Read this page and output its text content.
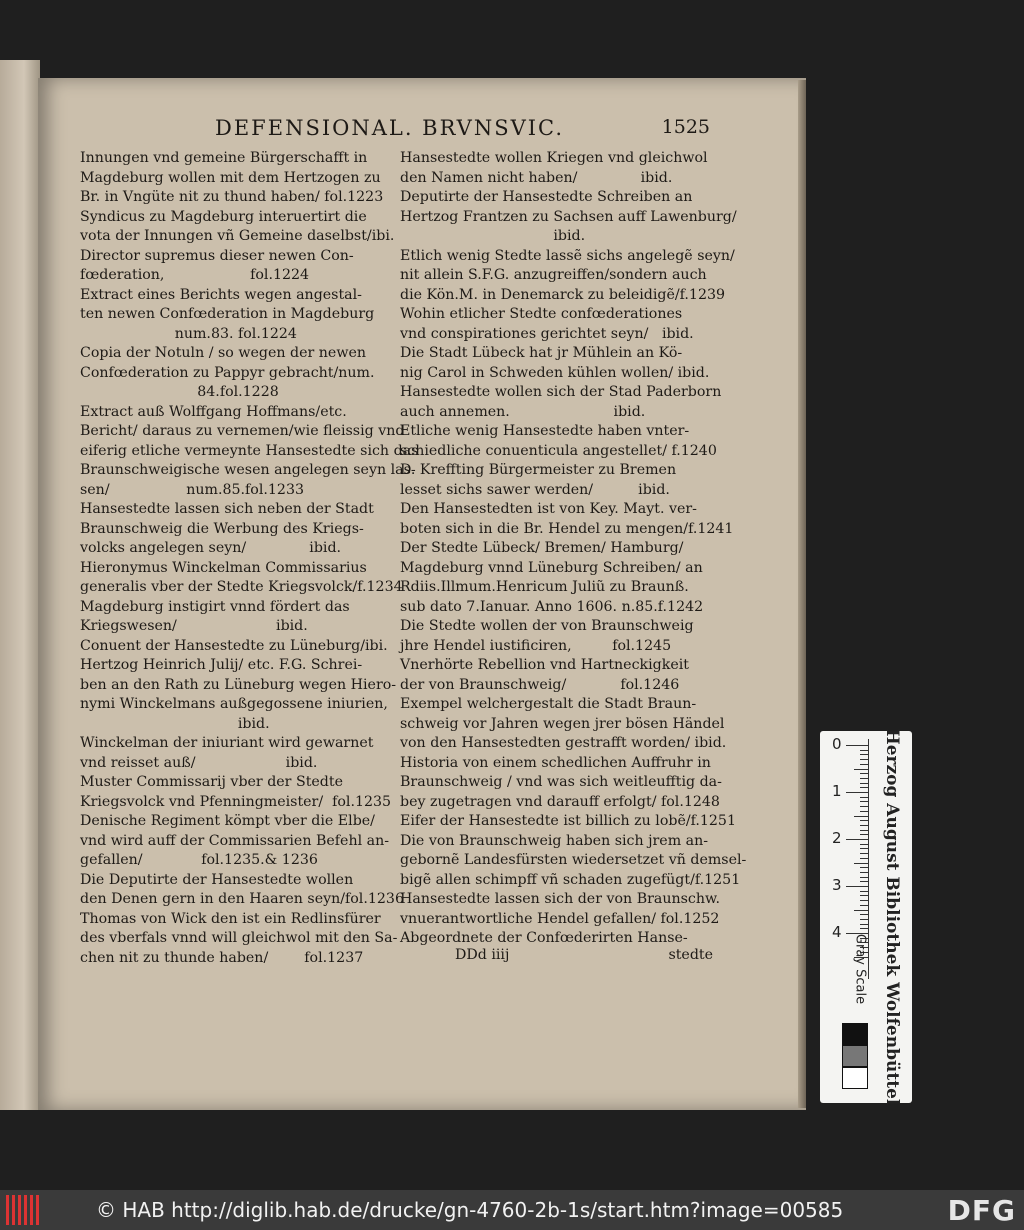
DEFENSIONAL. BRVNSVIC.	1525
Innungen vnd gemeine Bürgerschafft in
Magdeburg wollen mit dem Hertzogen zu
Br. in Vngüte nit zu thund haben/ fol.1223
Syndicus zu Magdeburg interuertirt die
vota der Innungen vñ Gemeine daselbst/ibi.
Director supremus dieser newen Con-
fœderation,                   fol.1224
Extract eines Berichts wegen angestal-
ten newen Confœderation in Magdeburg
num.83. fol.1224
Copia der Notuln / so wegen der newen
Confœderation zu Pappyr gebracht/num.
84.fol.1228
Extract auß Wolffgang Hoffmans/etc.
Bericht/ daraus zu vernemen/wie fleissig vnd
eiferig etliche vermeynte Hansestedte sich das
Braunschweigische wesen angelegen seyn las-
sen/                 num.85.fol.1233
Hansestedte lassen sich neben der Stadt
Braunschweig die Werbung des Kriegs-
volcks angelegen seyn/              ibid.
Hieronymus Winckelman Commissarius
generalis vber der Stedte Kriegsvolck/f.1234
Magdeburg instigirt vnnd fördert das
Kriegswesen/                      ibid.
Conuent der Hansestedte zu Lüneburg/ibi.
Hertzog Heinrich Julij/ etc. F.G. Schrei-
ben an den Rath zu Lüneburg wegen Hiero-
nymi Winckelmans außgegossene iniurien,
ibid.
Winckelman der iniuriant wird gewarnet
vnd reisset auß/                    ibid.
Muster Commissarij vber der Stedte
Kriegsvolck vnd Pfenningmeister/  fol.1235
Denische Regiment kömpt vber die Elbe/
vnd wird auff der Commissarien Befehl an-
gefallen/             fol.1235.& 1236
Die Deputirte der Hansestedte wollen
den Denen gern in den Haaren seyn/fol.1236
Thomas von Wick den ist ein Redlinsfürer
des vberfals vnnd will gleichwol mit den Sa-
chen nit zu thunde haben/        fol.1237
Hansestedte wollen Kriegen vnd gleichwol
den Namen nicht haben/              ibid.
Deputirte der Hansestedte Schreiben an
Hertzog Frantzen zu Sachsen auff Lawenburg/
ibid.
Etlich wenig Stedte lassẽ sichs angelegẽ seyn/
nit allein S.F.G. anzugreiffen/sondern auch
die Kön.M. in Denemarck zu beleidigẽ/f.1239
Wohin etlicher Stedte confœderationes
vnd conspirationes gerichtet seyn/   ibid.
Die Stadt Lübeck hat jr Mühlein an Kö-
nig Carol in Schweden kühlen wollen/ ibid.
Hansestedte wollen sich der Stad Paderborn
auch annemen.                       ibid.
Etliche wenig Hansestedte haben vnter-
schiedliche conuenticula angestellet/ f.1240
D. Kreffting Bürgermeister zu Bremen
lesset sichs sawer werden/          ibid.
Den Hansestedten ist von Key. Mayt. ver-
boten sich in die Br. Hendel zu mengen/f.1241
Der Stedte Lübeck/ Bremen/ Hamburg/
Magdeburg vnnd Lüneburg Schreiben/ an
Rdiis.Illmum.Henricum Juliũ zu Braunß.
sub dato 7.Ianuar. Anno 1606. n.85.f.1242
Die Stedte wollen der von Braunschweig
jhre Hendel iustificiren,         fol.1245
Vnerhörte Rebellion vnd Hartneckigkeit
der von Braunschweig/            fol.1246
Exempel welchergestalt die Stadt Braun-
schweig vor Jahren wegen jrer bösen Händel
von den Hansestedten gestrafft worden/ ibid.
Historia von einem schedlichen Auffruhr in
Braunschweig / vnd was sich weitleufftig da-
bey zugetragen vnd darauff erfolgt/ fol.1248
Eifer der Hansestedte ist billich zu lobẽ/f.1251
Die von Braunschweig haben sich jrem an-
gebornẽ Landesfürsten wiedersetzet vñ demsel-
bigẽ allen schimpff vñ schaden zugefügt/f.1251
Hansestedte lassen sich der von Braunschw.
vnuerantwortliche Hendel gefallen/ fol.1252
Abgeordnete der Confœderirten Hanse-
DDd iiij	stedte
0
1
2
3
4 Herzog August Bibliothek Wolfenbüttel
Gray Scale
© HAB http://diglib.hab.de/drucke/gn-4760-2b-1s/start.htm?image=00585	DFG
